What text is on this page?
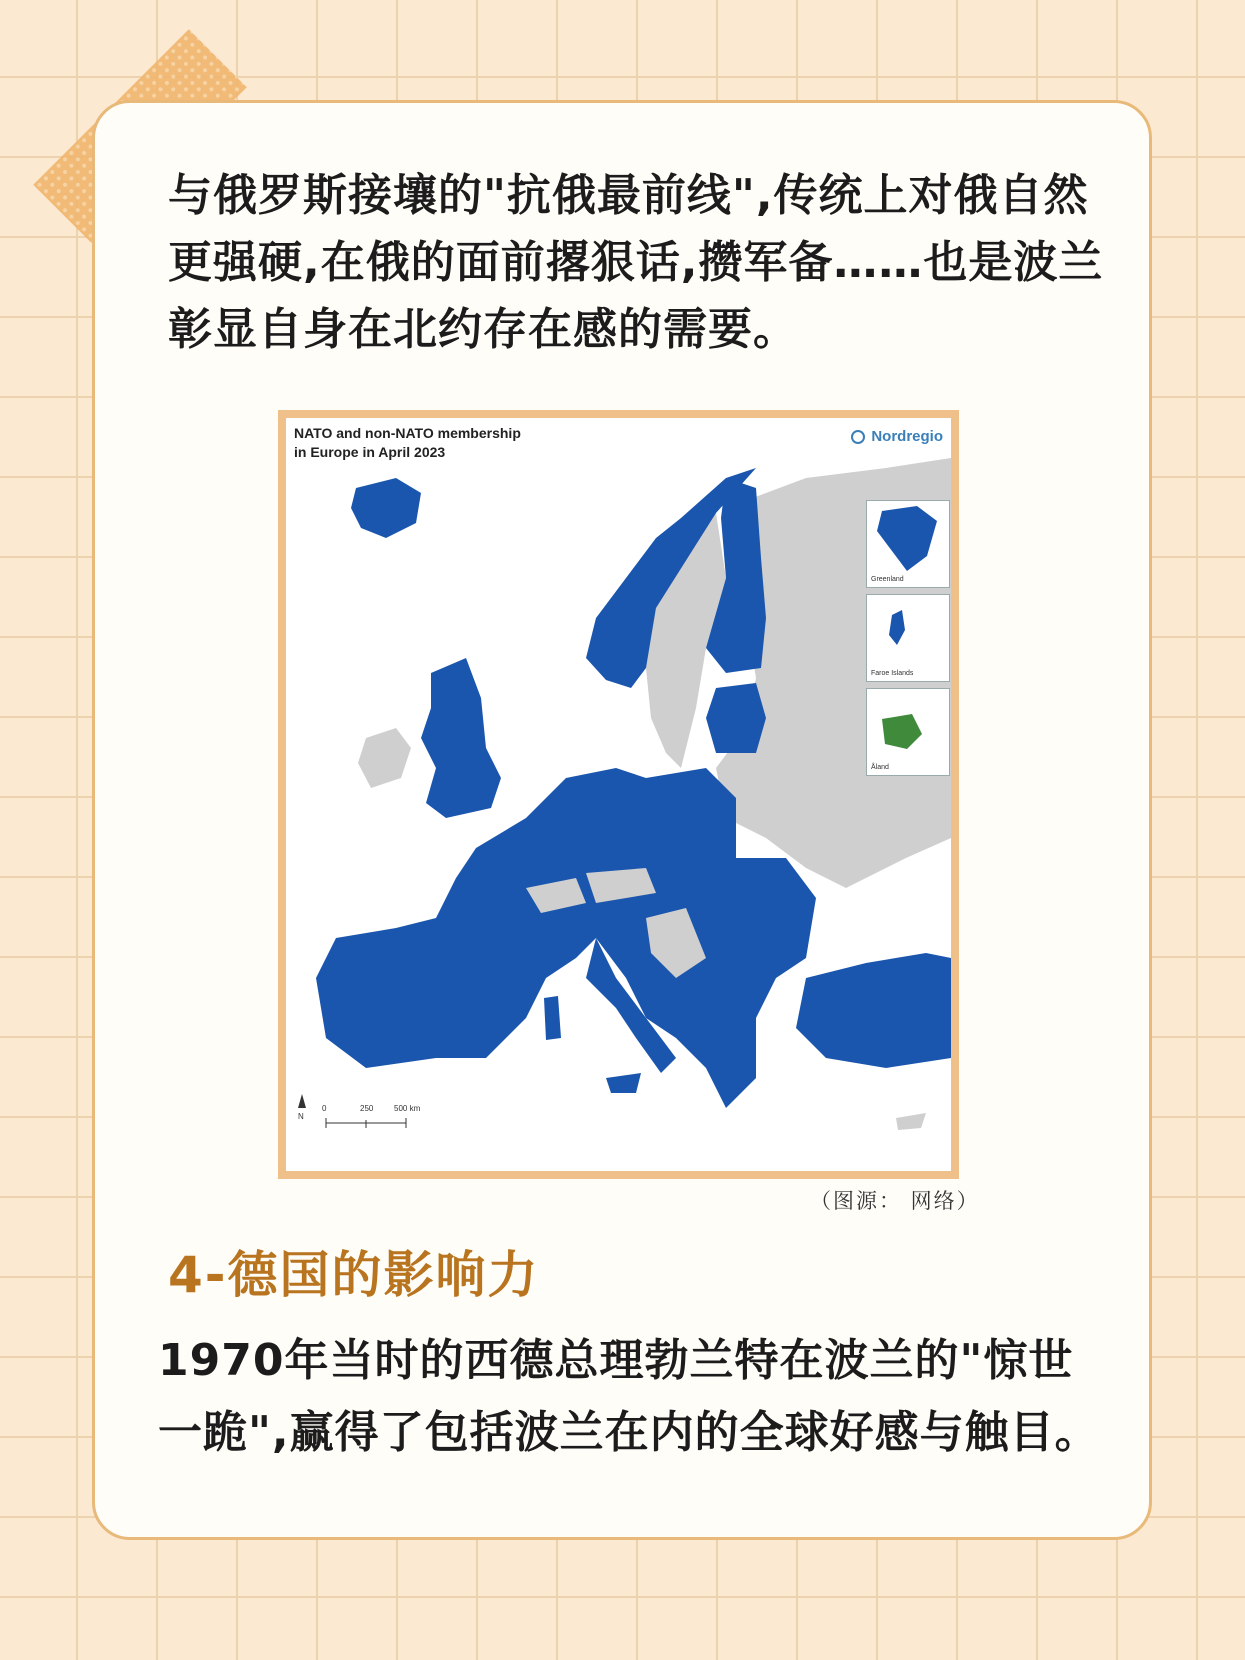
与俄罗斯接壤的"抗俄最前线",传统上对俄自然更强硬,在俄的面前撂狠话,攒军备……也是波兰彰显自身在北约存在感的需要。

NATO and non-NATO membership
in Europe in April 2023
Nordregio
Greenland
Faroe Islands
Åland
0	250	500 km
N
（图源： 网络）
4-德国的影响力

1970年当时的西德总理勃兰特在波兰的"惊世一跪",赢得了包括波兰在内的全球好感与触目。
